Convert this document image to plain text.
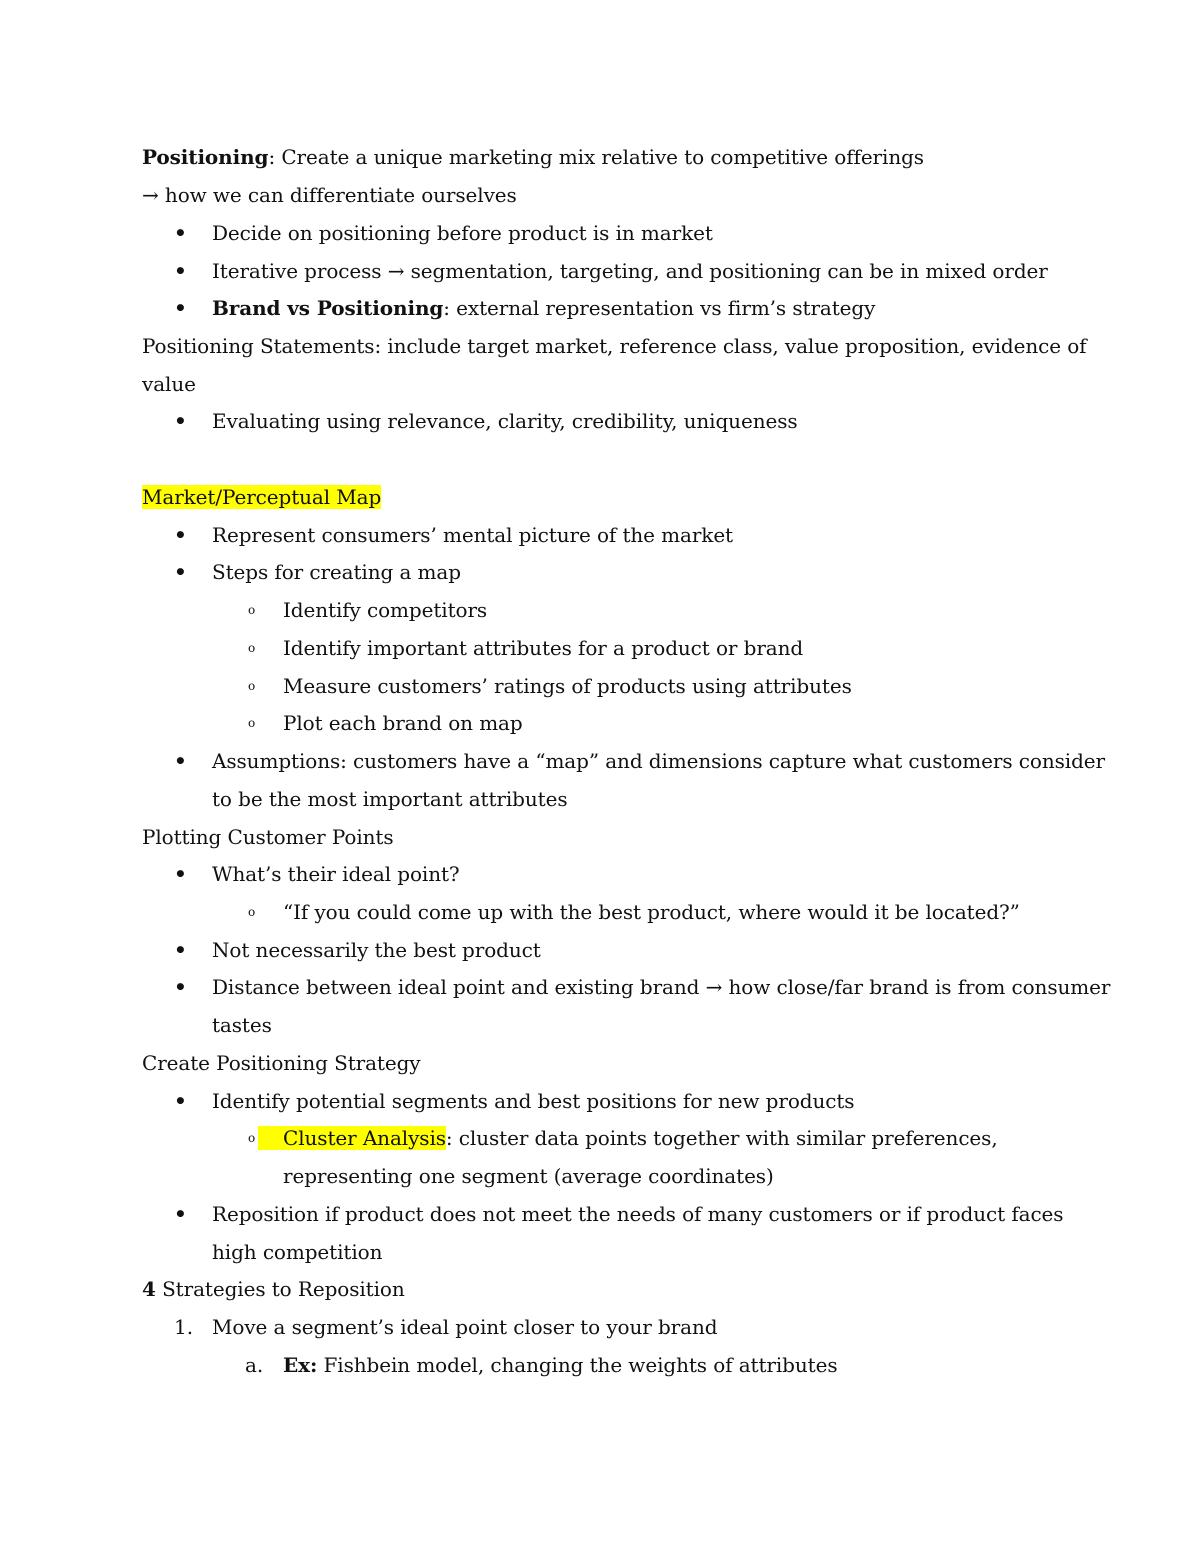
Positioning: Create a unique marketing mix relative to competitive offerings
→ how we can differentiate ourselves
• Decide on positioning before product is in market
• Iterative process → segmentation, targeting, and positioning can be in mixed order
• Brand vs Positioning: external representation vs firm’s strategy
Positioning Statements: include target market, reference class, value proposition, evidence of
value
• Evaluating using relevance, clarity, credibility, uniqueness
Market/Perceptual Map
• Represent consumers’ mental picture of the market
• Steps for creating a map
o Identify competitors
o Identify important attributes for a product or brand
o Measure customers’ ratings of products using attributes
o Plot each brand on map
• Assumptions: customers have a “map” and dimensions capture what customers consider
to be the most important attributes
Plotting Customer Points
• What’s their ideal point?
o “If you could come up with the best product, where would it be located?”
• Not necessarily the best product
• Distance between ideal point and existing brand → how close/far brand is from consumer
tastes
Create Positioning Strategy
• Identify potential segments and best positions for new products
o	Cluster Analysis: cluster data points together with similar preferences,
representing one segment (average coordinates)
• Reposition if product does not meet the needs of many customers or if product faces
high competition
4 Strategies to Reposition
1. Move a segment’s ideal point closer to your brand
a. Ex: Fishbein model, changing the weights of attributes
